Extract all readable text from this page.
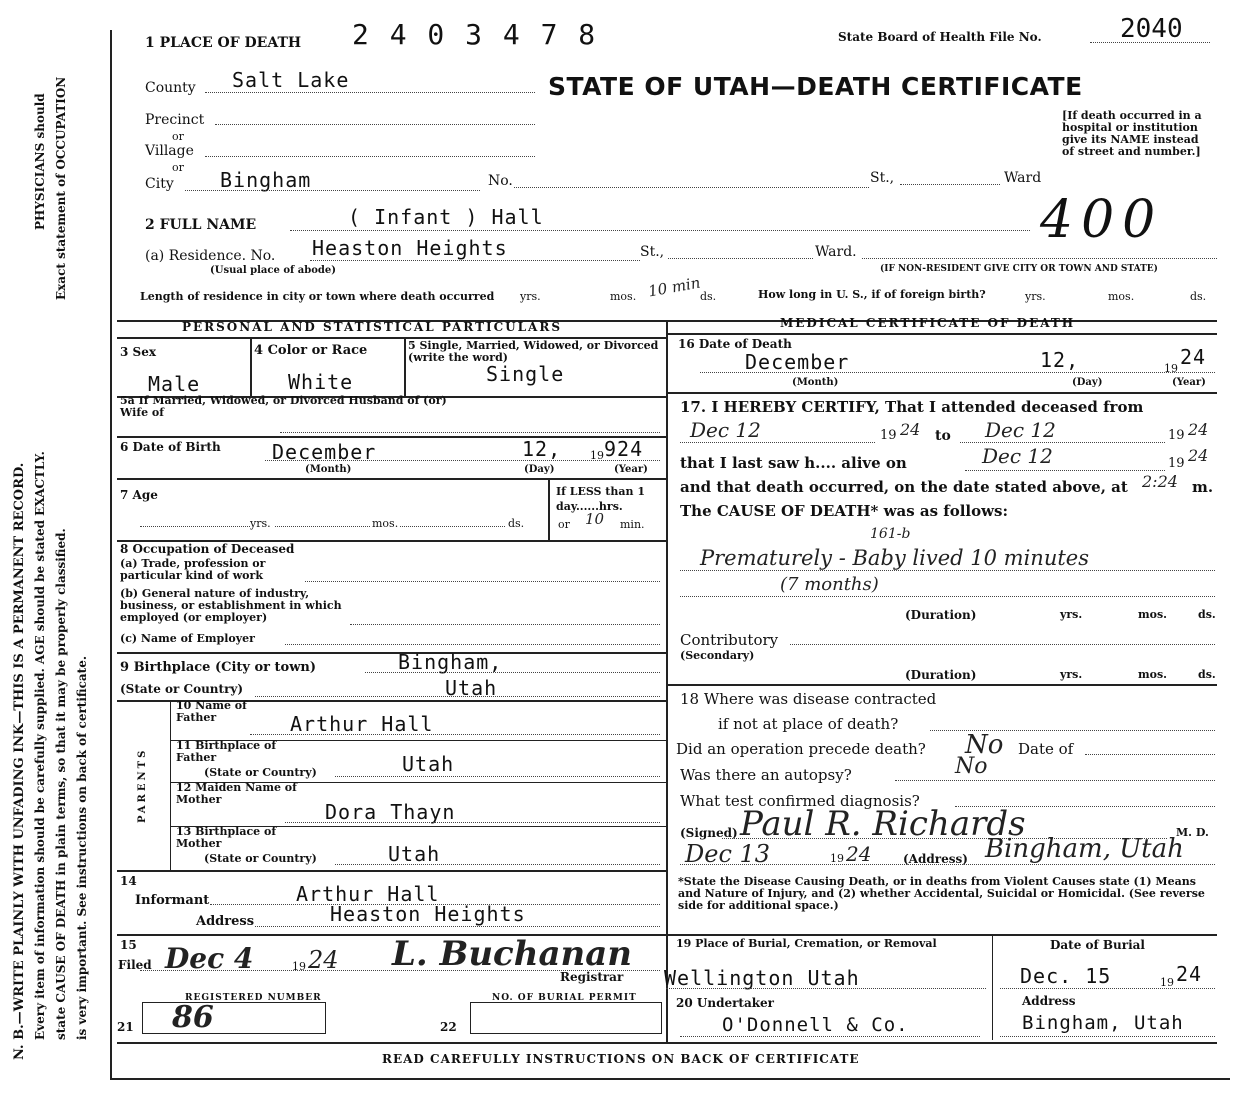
N. B.—WRITE PLAINLY WITH UNFADING INK—THIS IS A PERMANENT RECORD. Every item of information should be carefully supplied. AGE should be stated EXACTLY. state CAUSE OF DEATH in plain terms, so that it may be properly classified. is very important. See instructions on back of certificate.
Exact statement of OCCUPATION
PHYSICIANS should
1 PLACE OF DEATH 2 4 0 3 4 7 8	State Board of Health File No.	2040
STATE OF UTAH—DEATH CERTIFICATE
[If death occurred in a hospital or institution give its NAME instead of street and number.]
County Salt Lake
Precinct
or
Village
or
City Bingham	No.	St.,	Ward
400
2 FULL NAME	( Infant ) Hall
(a) Residence. No. Heaston Heights	St.,	Ward.
(Usual place of abode)	(IF NON-RESIDENT GIVE CITY OR TOWN AND STATE)
Length of residence in city or town where death occurred yrs.	mos. 10 min
ds.	How long in U. S., if of foreign birth?	yrs.	mos.	ds.
PERSONAL AND STATISTICAL PARTICULARS
3 Sex
Male
4 Color or Race
White
5 Single, Married, Widowed, or Divorced (write the word)
Single
5a If Married, Widowed, or Divorced Husband of (or) Wife of
6 Date of Birth	December	12,	19 924
(Month)	(Day)	(Year)
7 Age
yrs.	mos.	ds.
If LESS than 1 day......hrs.
or 10 min.
8 Occupation of Deceased
(a) Trade, profession or particular kind of work
(b) General nature of industry, business, or establishment in which employed (or employer)
(c) Name of Employer
9 Birthplace (City or town)	Bingham,
(State or Country)	Utah
PARENTS
10 Name of Father	Arthur Hall
11 Birthplace of Father
(State or Country)	Utah
12 Maiden Name of Mother
Dora Thayn
13 Birthplace of Mother
(State or Country)	Utah
14
Informant	Arthur Hall
Address	Heaston Heights
15
Filed Dec 4	19 24 L. Buchanan
Registrar
REGISTERED NUMBER
21 86
NO. OF BURIAL PERMIT
22
MEDICAL CERTIFICATE OF DEATH
16 Date of Death
December	12,	19 24
(Month)	(Day)	(Year)
17. I HEREBY CERTIFY, That I attended deceased from
Dec 12	19 24 to Dec 12	19 24
that I last saw h.... alive on	Dec 12	19 24
and that death occurred, on the date stated above, at 2:24 m.
The CAUSE OF DEATH* was as follows:
161-b
Prematurely - Baby lived 10 minutes
(7 months)
(Duration)	yrs.	mos.	ds.
Contributory
(Secondary)
(Duration)	yrs.	mos.	ds.
18 Where was disease contracted
if not at place of death?
Did an operation precede death? No Date of
Was there an autopsy?	No
What test confirmed diagnosis?
(Signed) Paul R. Richards	M. D.
Dec 13	19 24	(Address) Bingham, Utah
*State the Disease Causing Death, or in deaths from Violent Causes state (1) Means and Nature of Injury, and (2) whether Accidental, Suicidal or Homicidal. (See reverse side for additional space.)
19 Place of Burial, Cremation, or Removal
Wellington Utah
Date of Burial
Dec. 15	19 24
20 Undertaker
O'Donnell & Co.
Address
Bingham, Utah
READ CAREFULLY INSTRUCTIONS ON BACK OF CERTIFICATE
